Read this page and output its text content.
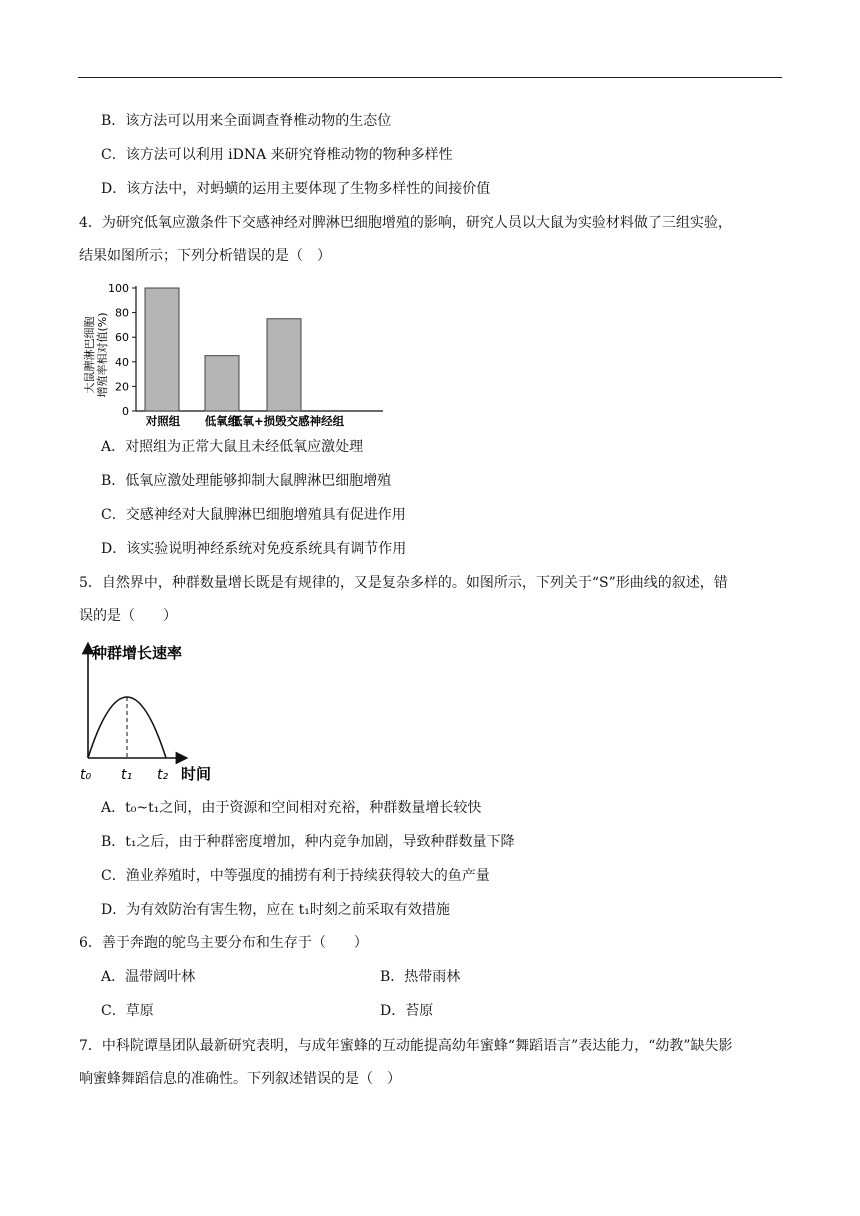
B．该方法可以用来全面调查脊椎动物的生态位
C．该方法可以利用 iDNA 来研究脊椎动物的物种多样性
D．该方法中，对蚂蟥的运用主要体现了生物多样性的间接价值
4．为研究低氧应激条件下交感神经对脾淋巴细胞增殖的影响，研究人员以大鼠为实验材料做了三组实验，
结果如图所示；下列分析错误的是（　）
大鼠脾淋巴细胞 增殖率相对值(%)
0
20
40
60
80
100
对照组 低氧组
低氧+损毁交感神经组
A．对照组为正常大鼠且未经低氧应激处理
B．低氧应激处理能够抑制大鼠脾淋巴细胞增殖
C．交感神经对大鼠脾淋巴细胞增殖具有促进作用
D．该实验说明神经系统对免疫系统具有调节作用
5．自然界中，种群数量增长既是有规律的，又是复杂多样的。如图所示，下列关于“S”形曲线的叙述，错
误的是（　　）
种群增长速率
t₀ t₁ t₂ 时间
A．t₀~t₁之间，由于资源和空间相对充裕，种群数量增长较快
B．t₁之后，由于种群密度增加，种内竞争加剧，导致种群数量下降
C．渔业养殖时，中等强度的捕捞有利于持续获得较大的鱼产量
D．为有效防治有害生物，应在 t₁时刻之前采取有效措施
6．善于奔跑的鸵鸟主要分布和生存于（　　）
A．温带阔叶林	B．热带雨林
C．草原	D．苔原
7．中科院谭垦团队最新研究表明，与成年蜜蜂的互动能提高幼年蜜蜂“舞蹈语言”表达能力，“幼教”缺失影
响蜜蜂舞蹈信息的准确性。下列叙述错误的是（　）
